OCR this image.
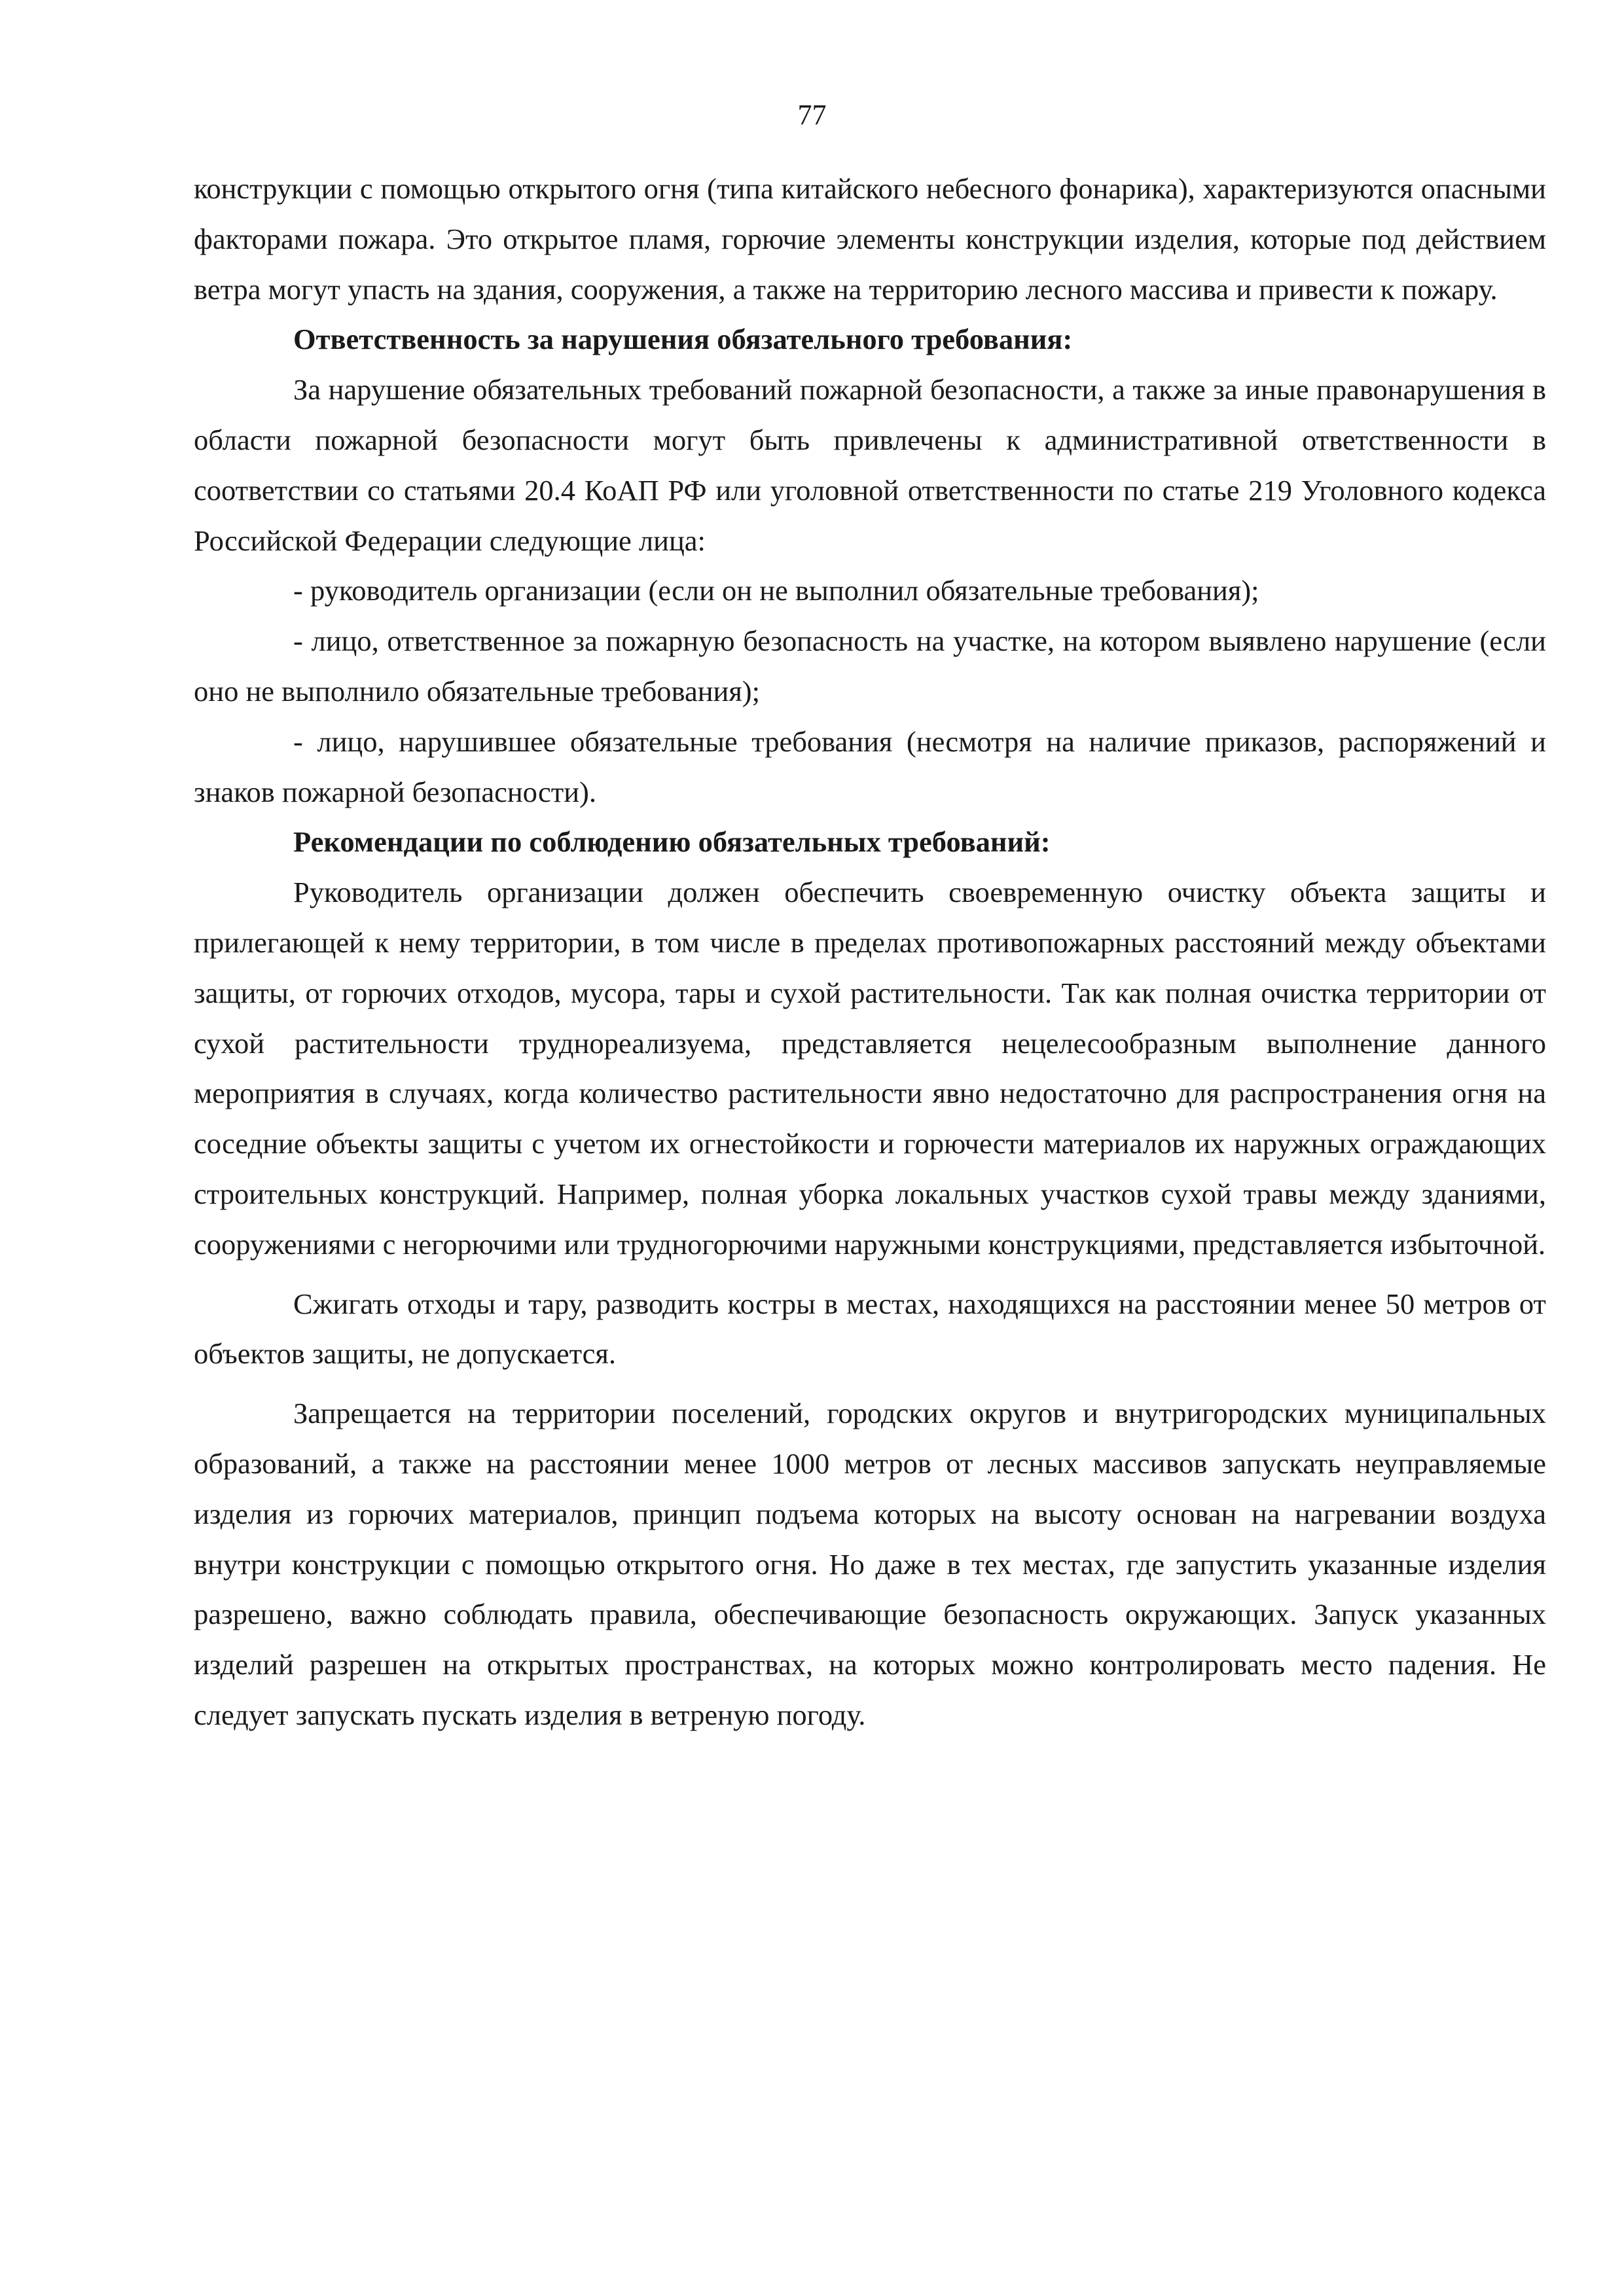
77

конструкции с помощью открытого огня (типа китайского небесного фонарика), характеризуются опасными факторами пожара. Это открытое пламя, горючие элементы конструкции изделия, которые под действием ветра могут упасть на здания, сооружения, а также на территорию лесного массива и привести к пожару.

Ответственность за нарушения обязательного требования:

За нарушение обязательных требований пожарной безопасности, а также за иные правонарушения в области пожарной безопасности могут быть привлечены к административной ответственности в соответствии со статьями 20.4 КоАП РФ или уголовной ответственности по статье 219 Уголовного кодекса Российской Федерации следующие лица:

- руководитель организации (если он не выполнил обязательные требования);

- лицо, ответственное за пожарную безопасность на участке, на котором выявлено нарушение (если оно не выполнило обязательные требования);

- лицо, нарушившее обязательные требования (несмотря на наличие приказов, распоряжений и знаков пожарной безопасности).

Рекомендации по соблюдению обязательных требований:

Руководитель организации должен обеспечить своевременную очистку объекта защиты и прилегающей к нему территории, в том числе в пределах противопожарных расстояний между объектами защиты, от горючих отходов, мусора, тары и сухой растительности. Так как полная очистка территории от сухой растительности труднореализуема, представляется нецелесообразным выполнение данного мероприятия в случаях, когда количество растительности явно недостаточно для распространения огня на соседние объекты защиты с учетом их огнестойкости и горючести материалов их наружных ограждающих строительных конструкций. Например, полная уборка локальных участков сухой травы между зданиями, сооружениями с негорючими или трудногорючими наружными конструкциями, представляется избыточной.

Сжигать отходы и тару, разводить костры в местах, находящихся на расстоянии менее 50 метров от объектов защиты, не допускается.

Запрещается на территории поселений, городских округов и внутригородских муниципальных образований, а также на расстоянии менее 1000 метров от лесных массивов запускать неуправляемые изделия из горючих материалов, принцип подъема которых на высоту основан на нагревании воздуха внутри конструкции с помощью открытого огня. Но даже в тех местах, где запустить указанные изделия разрешено, важно соблюдать правила, обеспечивающие безопасность окружающих. Запуск указанных изделий разрешен на открытых пространствах, на которых можно контролировать место падения. Не следует запускать пускать изделия в ветреную погоду.
